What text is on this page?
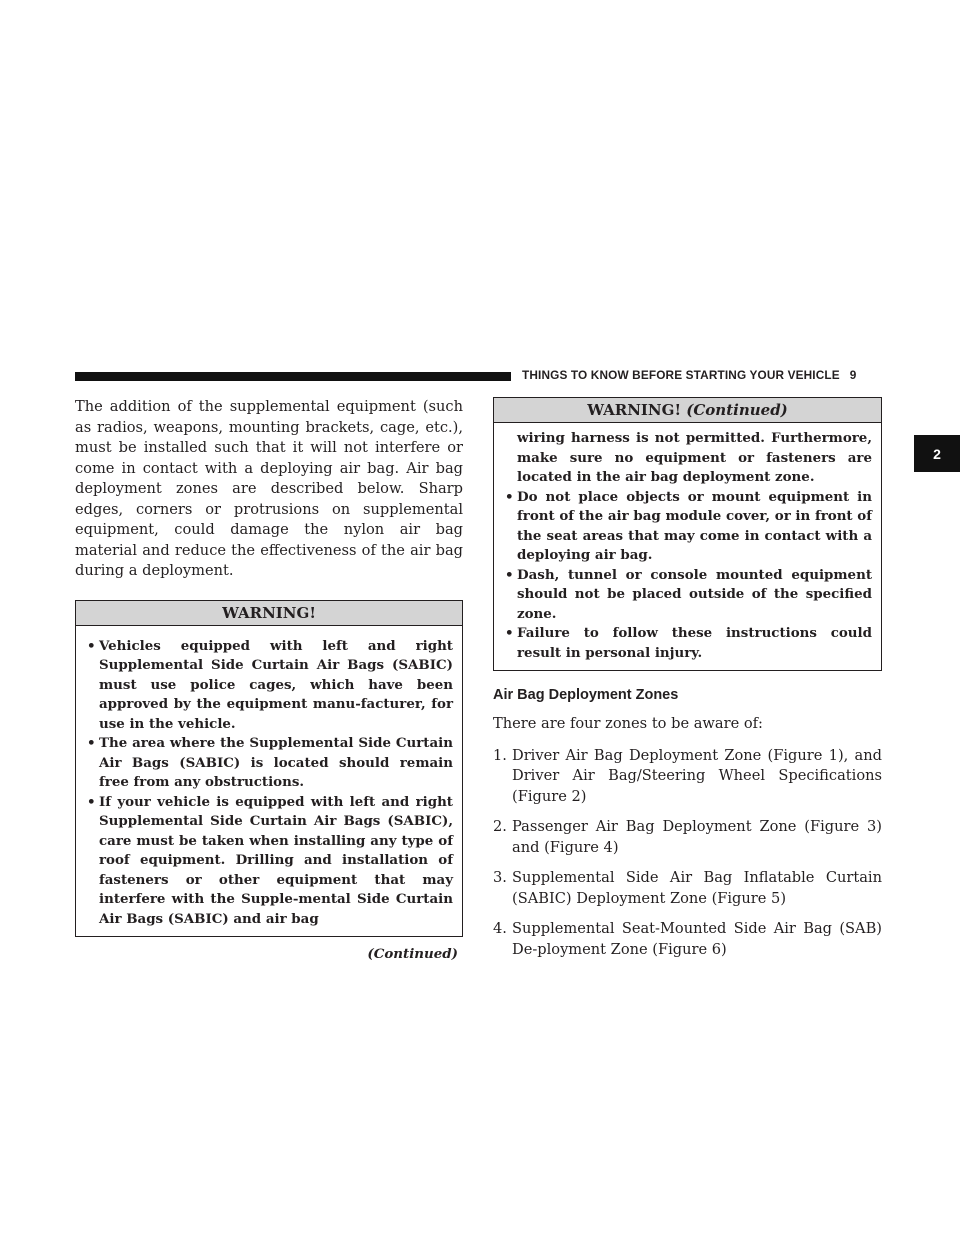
THINGS TO KNOW BEFORE STARTING YOUR VEHICLE 9
2

The addition of the supplemental equipment (such as radios, weapons, mounting brackets, cage, etc.), must be installed such that it will not interfere or come in contact with a deploying air bag. Air bag deployment zones are described below. Sharp edges, corners or protrusions on supplemental equipment, could damage the nylon air bag material and reduce the effectiveness of the air bag during a deployment.

WARNING!
• Vehicles equipped with left and right Supplemental Side Curtain Air Bags (SABIC) must use police cages, which have been approved by the equipment manu-facturer, for use in the vehicle.
• The area where the Supplemental Side Curtain Air Bags (SABIC) is located should remain free from any obstructions.
• If your vehicle is equipped with left and right Supplemental Side Curtain Air Bags (SABIC), care must be taken when installing any type of roof equipment. Drilling and installation of fasteners or other equipment that may interfere with the Supple-mental Side Curtain Air Bags (SABIC) and air bag
(Continued)
WARNING! (Continued)
wiring harness is not permitted. Furthermore, make sure no equipment or fasteners are located in the air bag deployment zone.
• Do not place objects or mount equipment in front of the air bag module cover, or in front of the seat areas that may come in contact with a deploying air bag.
• Dash, tunnel or console mounted equipment should not be placed outside of the specified zone.
• Failure to follow these instructions could result in personal injury.
Air Bag Deployment Zones

There are four zones to be aware of:

1. Driver Air Bag Deployment Zone (Figure 1), and Driver Air Bag/Steering Wheel Specifications (Figure 2)
2. Passenger Air Bag Deployment Zone (Figure 3) and (Figure 4)
3. Supplemental Side Air Bag Inflatable Curtain (SABIC) Deployment Zone (Figure 5)
4. Supplemental Seat-Mounted Side Air Bag (SAB) De-ployment Zone (Figure 6)
